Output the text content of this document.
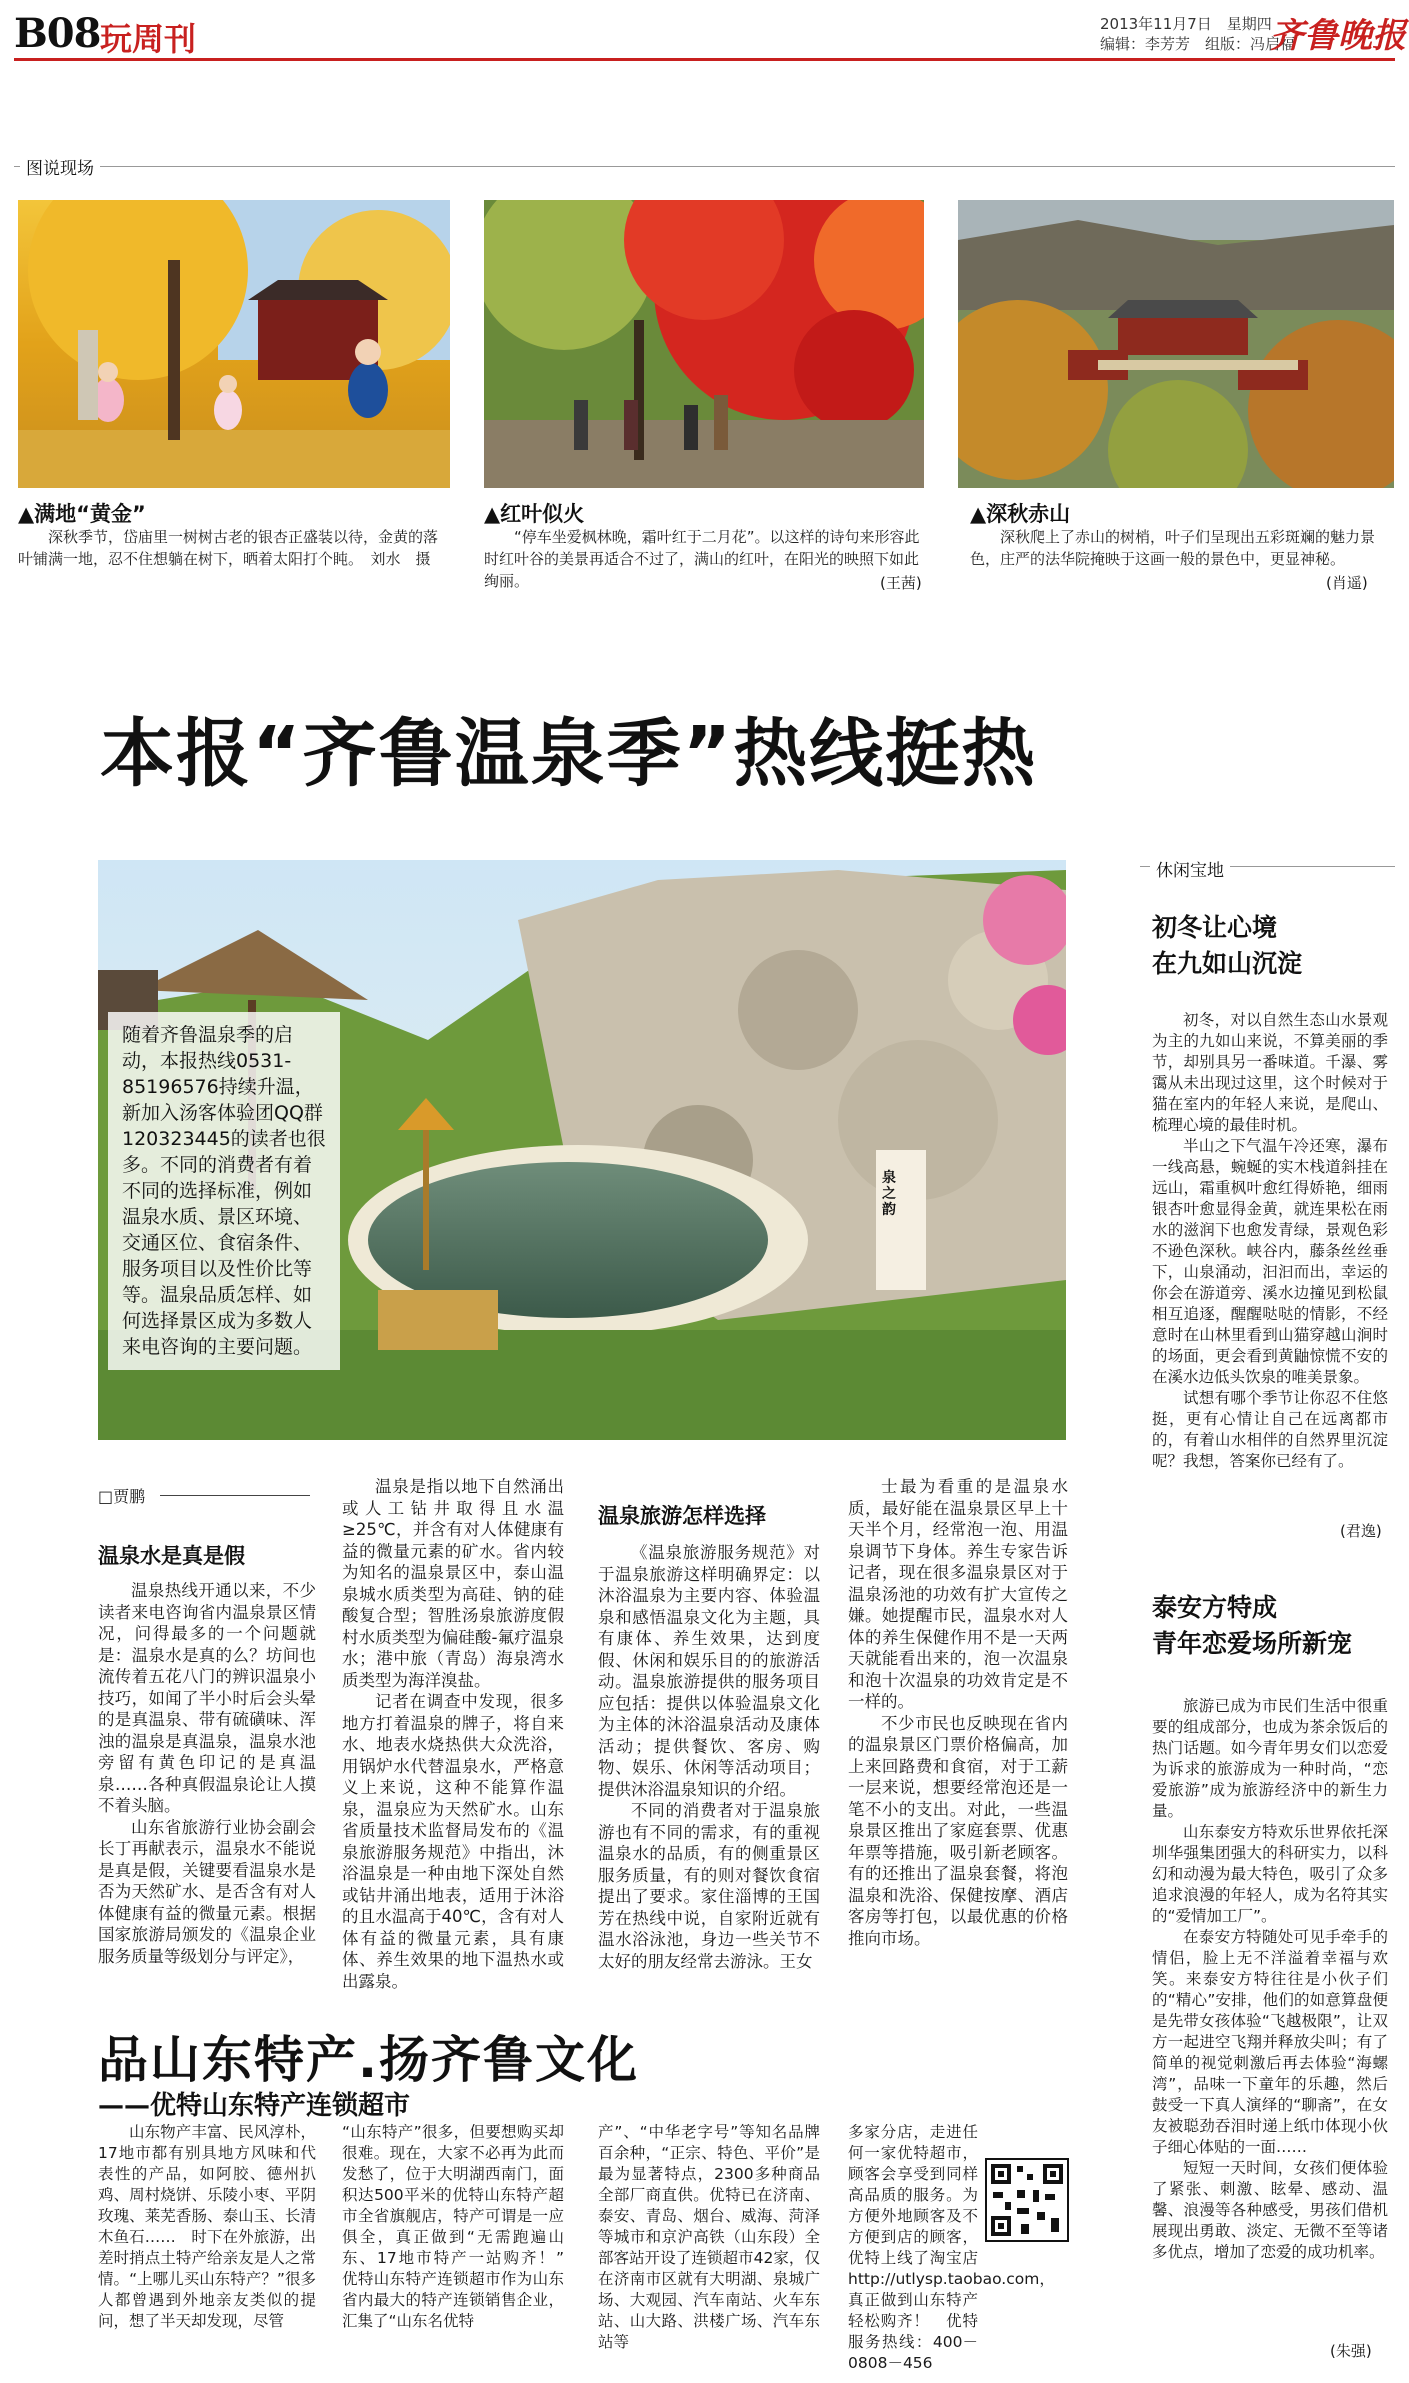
B08 玩周刊	2013年11月7日　星期四
编辑：李芳芳　组版：冯启福
齐鲁晚报
图说现场
▲满地“黄金”
深秋季节，岱庙里一树树古老的银杏正盛装以待，金黄的落叶铺满一地，忍不住想躺在树下，晒着太阳打个盹。　刘水　摄
▲红叶似火
“停车坐爱枫林晚，霜叶红于二月花”。以这样的诗句来形容此时红叶谷的美景再适合不过了，满山的红叶，在阳光的映照下如此绚丽。	(王茜)
▲深秋赤山
深秋爬上了赤山的树梢，叶子们呈现出五彩斑斓的魅力景色，庄严的法华院掩映于这画一般的景色中，更显神秘。
(肖遥)
本报“齐鲁温泉季”热线挺热
随着齐鲁温泉季的启动，本报热线0531-85196576持续升温，新加入汤客体验团QQ群120323445的读者也很多。不同的消费者有着不同的选择标准，例如温泉水质、景区环境、交通区位、食宿条件、服务项目以及性价比等等。温泉品质怎样、如何选择景区成为多数人来电咨询的主要问题。
泉之韵
□贾鹏
温泉水是真是假

温泉热线开通以来，不少读者来电咨询省内温泉景区情况，问得最多的一个问题就是：温泉水是真的么？坊间也流传着五花八门的辨识温泉小技巧，如闻了半小时后会头晕的是真温泉、带有硫磺味、浑浊的温泉是真温泉，温泉水池旁留有黄色印记的是真温泉……各种真假温泉论让人摸不着头脑。

山东省旅游行业协会副会长丁再献表示，温泉水不能说是真是假，关键要看温泉水是否为天然矿水、是否含有对人体健康有益的微量元素。根据国家旅游局颁发的《温泉企业服务质量等级划分与评定》，

温泉是指以地下自然涌出或人工钻井取得且水温≥25℃，并含有对人体健康有益的微量元素的矿水。省内较为知名的温泉景区中，泰山温泉城水质类型为高硅、钠的硅酸复合型；智胜汤泉旅游度假村水质类型为偏硅酸-氟疗温泉水；港中旅（青岛）海泉湾水质类型为海洋溴盐。

记者在调查中发现，很多地方打着温泉的牌子，将自来水、地表水烧热供大众洗浴，用锅炉水代替温泉水，严格意义上来说，这种不能算作温泉，温泉应为天然矿水。山东省质量技术监督局发布的《温泉旅游服务规范》中指出，沐浴温泉是一种由地下深处自然或钻井涌出地表，适用于沐浴的且水温高于40℃，含有对人体有益的微量元素，具有康体、养生效果的地下温热水或出露泉。

温泉旅游怎样选择

《温泉旅游服务规范》对于温泉旅游这样明确界定：以沐浴温泉为主要内容、体验温泉和感悟温泉文化为主题，具有康体、养生效果，达到度假、休闲和娱乐目的的旅游活动。温泉旅游提供的服务项目应包括：提供以体验温泉文化为主体的沐浴温泉活动及康体活动；提供餐饮、客房、购物、娱乐、休闲等活动项目；提供沐浴温泉知识的介绍。

不同的消费者对于温泉旅游也有不同的需求，有的重视温泉水的品质，有的侧重景区服务质量，有的则对餐饮食宿提出了要求。家住淄博的王国芳在热线中说，自家附近就有温水浴泳池，身边一些关节不太好的朋友经常去游泳。王女

士最为看重的是温泉水质，最好能在温泉景区早上十天半个月，经常泡一泡、用温泉调节下身体。养生专家告诉记者，现在很多温泉景区对于温泉汤池的功效有扩大宣传之嫌。她提醒市民，温泉水对人体的养生保健作用不是一天两天就能看出来的，泡一次温泉和泡十次温泉的功效肯定是不一样的。

不少市民也反映现在省内的温泉景区门票价格偏高，加上来回路费和食宿，对于工薪一层来说，想要经常泡还是一笔不小的支出。对此，一些温泉景区推出了家庭套票、优惠年票等措施，吸引新老顾客。有的还推出了温泉套餐，将泡温泉和洗浴、保健按摩、酒店客房等打包，以最优惠的价格推向市场。

休闲宝地
初冬让心境
在九如山沉淀

初冬，对以自然生态山水景观为主的九如山来说，不算美丽的季节，却别具另一番味道。千瀑、雾霭从未出现过这里，这个时候对于猫在室内的年轻人来说，是爬山、梳理心境的最佳时机。

半山之下气温午冷还寒，瀑布一线高悬，蜿蜒的实木栈道斜挂在远山，霜重枫叶愈红得娇艳，细雨银杏叶愈显得金黄，就连果松在雨水的滋润下也愈发青绿，景观色彩不逊色深秋。峡谷内，藤条丝丝垂下，山泉涌动，汩汩而出，幸运的你会在游道旁、溪水边撞见到松鼠相互追逐，醒醒哒哒的情影，不经意时在山林里看到山猫穿越山涧时的场面，更会看到黄鼬惊慌不安的在溪水边低头饮泉的唯美景象。

试想有哪个季节让你忍不住悠挺，更有心情让自己在远离都市的，有着山水相伴的自然界里沉淀呢？我想，答案你已经有了。

(君逸)
泰安方特成
青年恋爱场所新宠

旅游已成为市民们生活中很重要的组成部分，也成为茶余饭后的热门话题。如今青年男女们以恋爱为诉求的旅游成为一种时尚，“恋爱旅游”成为旅游经济中的新生力量。

山东泰安方特欢乐世界依托深圳华强集团强大的科研实力，以科幻和动漫为最大特色，吸引了众多追求浪漫的年轻人，成为名符其实的“爱情加工厂”。

在泰安方特随处可见手牵手的情侣，脸上无不洋溢着幸福与欢笑。来泰安方特往往是小伙子们的“精心”安排，他们的如意算盘便是先带女孩体验“飞越极限”，让双方一起进空飞翔并释放尖叫；有了简单的视觉刺激后再去体验“海螺湾”，品味一下童年的乐趣，然后鼓受一下真人演绎的“聊斋”，在女友被聪劲吞泪时递上纸巾体现小伙子细心体贴的一面……

短短一天时间，女孩们便体验了紧张、刺激、眩晕、感动、温馨、浪漫等各种感受，男孩们借机展现出勇敢、淡定、无微不至等诸多优点，增加了恋爱的成功机率。

(朱强)
品山东特产.扬齐鲁文化
——优特山东特产连锁超市
山东物产丰富、民风淳朴，17地市都有别具地方风味和代表性的产品，如阿胶、德州扒鸡、周村烧饼、乐陵小枣、平阴玫瑰、莱芜香肠、泰山玉、长清木鱼石……　时下在外旅游，出差时捎点土特产给亲友是人之常情。“上哪儿买山东特产？”很多人都曾遇到外地亲友类似的提问，想了半天却发现，尽管
“山东特产”很多，但要想购买却很难。现在，大家不必再为此而发愁了，位于大明湖西南门，面积达500平米的优特山东特产超市全省旗舰店，特产可谓是一应俱全，真正做到“无需跑遍山东、17地市特产一站购齐！”　优特山东特产连锁超市作为山东省内最大的特产连锁销售企业，汇集了“山东名优特
产”、“中华老字号”等知名品牌百余种，“正宗、特色、平价”是最为显著特点，2300多种商品全部厂商直供。优特已在济南、泰安、青岛、烟台、威海、菏泽等城市和京沪高铁（山东段）全部客站开设了连锁超市42家，仅在济南市区就有大明湖、泉城广场、大观园、汽车南站、火车东站、山大路、洪楼广场、汽车东站等
多家分店，走进任何一家优特超市，顾客会享受到同样高品质的服务。为方便外地顾客及不方便到店的顾客，优特上线了淘宝店　http://utlysp.taobao.com，真正做到山东特产轻松购齐！　优特服务热线：400－0808－456
